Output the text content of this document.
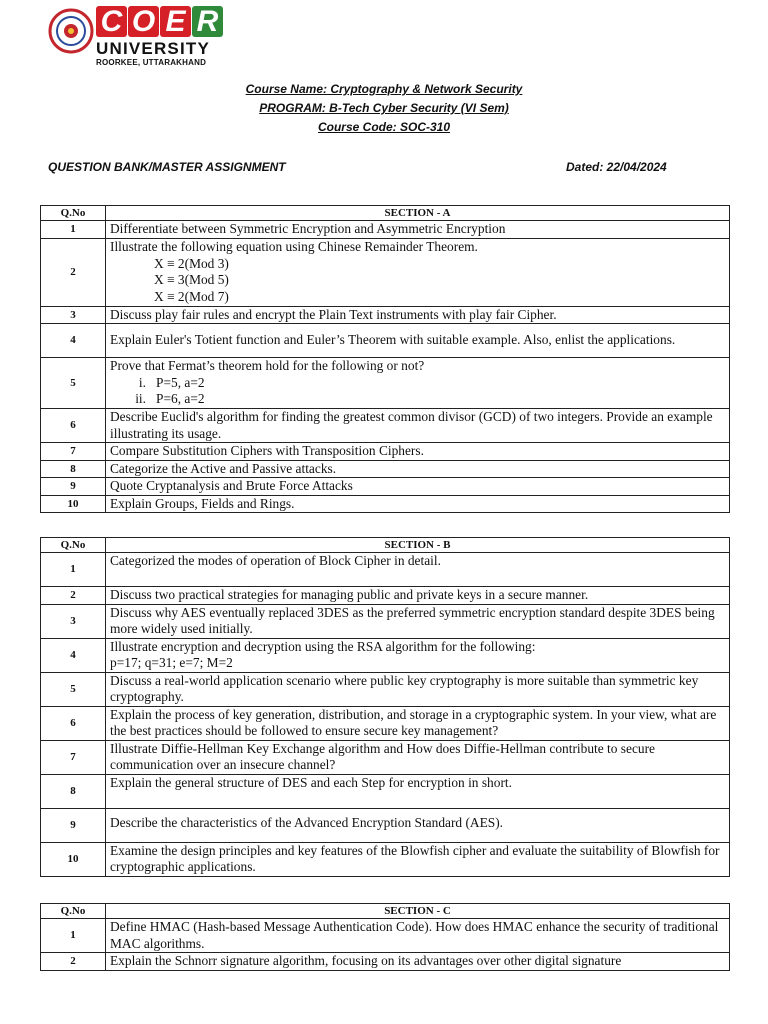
C O E R
UNIVERSITY
ROORKEE, UTTARAKHAND
Course Name: Cryptography & Network Security
PROGRAM: B-Tech Cyber Security (VI Sem)
Course Code: SOC-310
QUESTION BANK/MASTER ASSIGNMENT	Dated: 22/04/2024
Q.No	SECTION - A
1	Differentiate between Symmetric Encryption and Asymmetric Encryption
2	Illustrate the following equation using Chinese Remainder Theorem.
X ≡ 2(Mod 3)
X ≡ 3(Mod 5)
X ≡ 2(Mod 7)

3	Discuss play fair rules and encrypt the Plain Text instruments with play fair Cipher.
4	Explain Euler's Totient function and Euler’s Theorem with suitable example. Also, enlist the applications.
5	Prove that Fermat’s theorem hold for the following or not?
i. P=5, a=2
ii. P=6, a=2

6	Describe Euclid's algorithm for finding the greatest common divisor (GCD) of two integers. Provide an example illustrating its usage.
7	Compare Substitution Ciphers with Transposition Ciphers.
8	Categorize the Active and Passive attacks.
9	Quote Cryptanalysis and Brute Force Attacks
10	Explain Groups, Fields and Rings.
Q.No	SECTION - B
1	Categorized the modes of operation of Block Cipher in detail.
2	Discuss two practical strategies for managing public and private keys in a secure manner.
3	Discuss why AES eventually replaced 3DES as the preferred symmetric encryption standard despite 3DES being more widely used initially.
4	Illustrate encryption and decryption using the RSA algorithm for the following:
p=17; q=31; e=7; M=2

5	Discuss a real-world application scenario where public key cryptography is more suitable than symmetric key cryptography.
6	Explain the process of key generation, distribution, and storage in a cryptographic system. In your view, what are the best practices should be followed to ensure secure key management?
7	Illustrate Diffie-Hellman Key Exchange algorithm and How does Diffie-Hellman contribute to secure communication over an insecure channel?
8	Explain the general structure of DES and each Step for encryption in short.
9	Describe the characteristics of the Advanced Encryption Standard (AES).
10	Examine the design principles and key features of the Blowfish cipher and evaluate the suitability of Blowfish for cryptographic applications.
Q.No	SECTION - C
1	Define HMAC (Hash-based Message Authentication Code). How does HMAC enhance the security of traditional MAC algorithms.
2	Explain the Schnorr signature algorithm, focusing on its advantages over other digital signature
